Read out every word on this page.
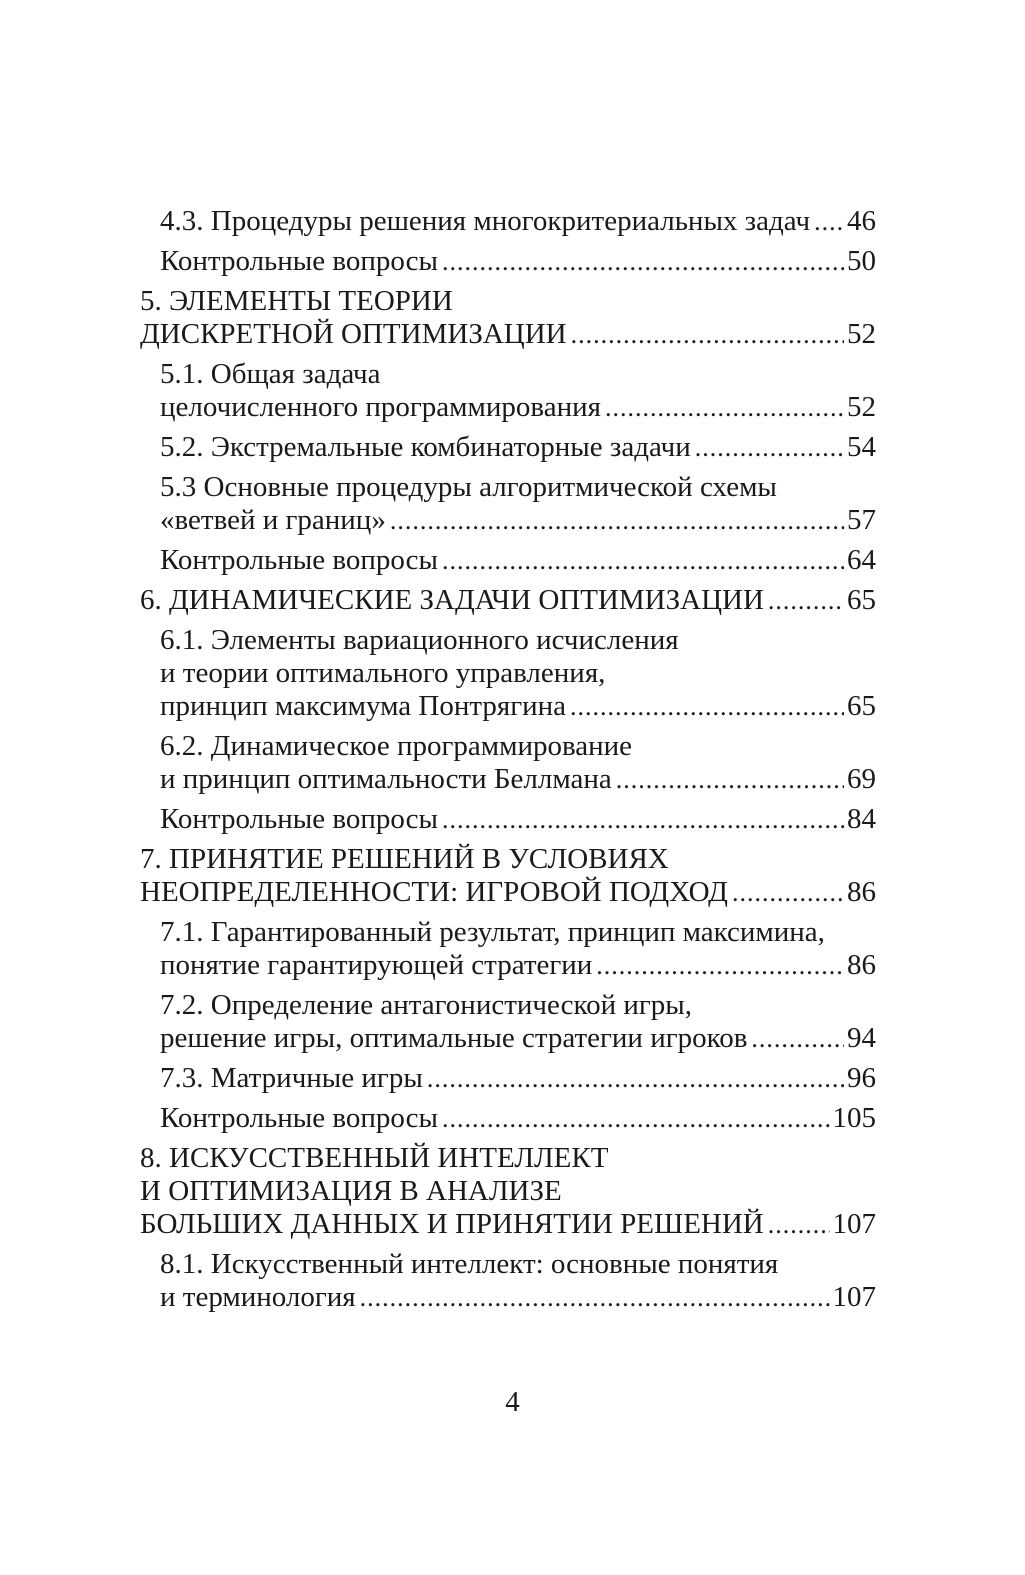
4.3. Процедуры решения многокритериальных задач ..... 46
Контрольные вопросы .....	50
5. ЭЛЕМЕНТЫ ТЕОРИИ
ДИСКРЕТНОЙ ОПТИМИЗАЦИИ .....	52
5.1. Общая задача
целочисленного программирования .....	52
5.2. Экстремальные комбинаторные задачи .....	54
5.3 Основные процедуры алгоритмической схемы
«ветвей и границ» .....	57
Контрольные вопросы .....	64
6. ДИНАМИЧЕСКИЕ ЗАДАЧИ ОПТИМИЗАЦИИ .....	65
6.1. Элементы вариационного исчисления
и теории оптимального управления,
принцип максимума Понтрягина .....	65
6.2. Динамическое программирование
и принцип оптимальности Беллмана .....	69
Контрольные вопросы .....	84
7. ПРИНЯТИЕ РЕШЕНИЙ В УСЛОВИЯХ
НЕОПРЕДЕЛЕННОСТИ: ИГРОВОЙ ПОДХОД .....	86
7.1. Гарантированный результат, принцип максимина,
понятие гарантирующей стратегии .....	86
7.2. Определение антагонистической игры,
решение игры, оптимальные стратегии игроков .....	94
7.3. Матричные игры .....	96
Контрольные вопросы .....	105
8. ИСКУССТВЕННЫЙ ИНТЕЛЛЕКТ
И ОПТИМИЗАЦИЯ В АНАЛИЗЕ
БОЛЬШИХ ДАННЫХ И ПРИНЯТИИ РЕШЕНИЙ ..... 107
8.1. Искусственный интеллект: основные понятия
и терминология .....	107
4
